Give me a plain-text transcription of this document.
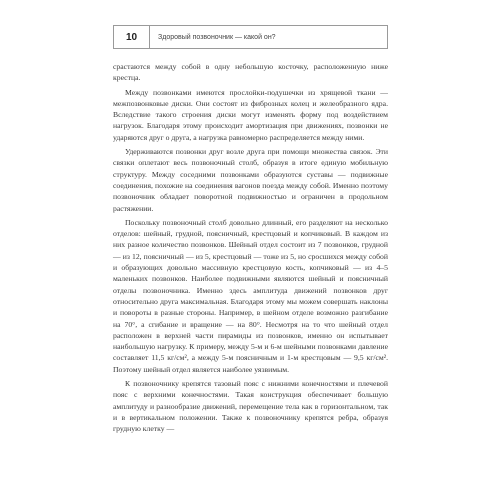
10	Здоровый позвоночник — какой он?

срастаются между собой в одну небольшую косточку, расположенную ниже крестца.

Между позвонками имеются прослойки-подушечки из хрящевой ткани — межпозвонковые диски. Они состоят из фиброзных колец и желеобразного ядра. Вследствие такого строения диски могут изменять форму под воздействием нагрузок. Благодаря этому происходит амортизация при движениях, позвонки не ударяются друг о друга, а нагрузка равномерно распределяется между ними.

Удерживаются позвонки друг возле друга при помощи множества связок. Эти связки оплетают весь позвоночный столб, образуя в итоге единую мобильную структуру. Между соседними позвонками образуются суставы — подвижные соединения, похожие на соединения вагонов поезда между собой. Именно поэтому позвоночник обладает поворотной подвижностью и ограничен в продольном растяжении.

Поскольку позвоночный столб довольно длинный, его разделяют на несколько отделов: шейный, грудной, поясничный, крестцовый и копчиковый. В каждом из них разное количество позвонков. Шейный отдел состоит из 7 позвонков, грудной — из 12, поясничный — из 5, крестцовый — тоже из 5, но сросшихся между собой и образующих довольно массивную крестцовую кость, копчиковый — из 4–5 маленьких позвонков. Наиболее подвижными являются шейный и поясничный отделы позвоночника. Именно здесь амплитуда движений позвонков друг относительно друга максимальная. Благодаря этому мы можем совершать наклоны и повороты в разные стороны. Например, в шейном отделе возможно разгибание на 70°, а сгибание и вращение — на 80°. Несмотря на то что шейный отдел расположен в верхней части пирамиды из позвонков, именно он испытывает наибольшую нагрузку. К примеру, между 5-м и 6-м шейными позвонками давление составляет 11,5 кг/см², а между 5-м поясничным и 1-м крестцовым — 9,5 кг/см². Поэтому шейный отдел является наиболее уязвимым.

К позвоночнику крепятся тазовый пояс с нижними конечностями и плечевой пояс с верхними конечностями. Такая конструкция обеспечивает большую амплитуду и разнообразие движений, перемещение тела как в горизонтальном, так и в вертикальном положении. Также к позвоночнику крепятся ребра, образуя грудную клетку —
